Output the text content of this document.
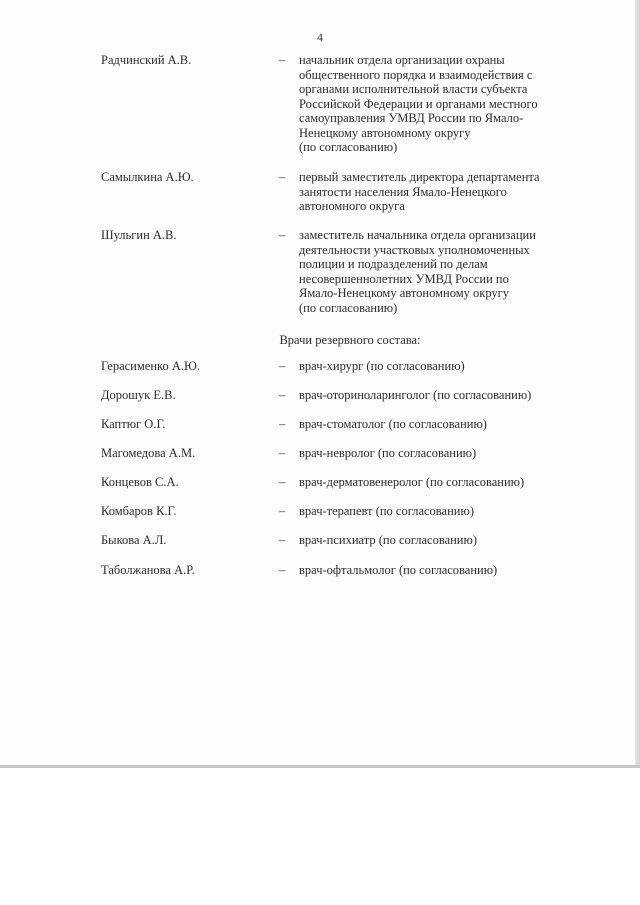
4
Радчинский А.В.	– начальник отдела организации охраны
общественного порядка и взаимодействия с
органами исполнительной власти субъекта
Российской Федерации и органами местного
самоуправления УМВД России по Ямало-
Ненецкому автономному округу
(по согласованию)
Самылкина А.Ю.	– первый заместитель директора департамента
занятости населения Ямало-Ненецкого
автономного округа
Шульгин А.В.	– заместитель начальника отдела организации
деятельности участковых уполномоченных
полиции и подразделений по делам
несовершеннолетних УМВД России по
Ямало-Ненецкому автономному округу
(по согласованию)
Врачи резервного состава:
Герасименко А.Ю.	– врач-хирург (по согласованию)
Дорошук Е.В.	– врач-оториноларинголог (по согласованию)
Каптюг О.Г.	– врач-стоматолог (по согласованию)
Магомедова А.М.	– врач-невролог (по согласованию)
Концевов С.А.	– врач-дерматовенеролог (по согласованию)
Комбаров К.Г.	– врач-терапевт (по согласованию)
Быкова А.Л.	– врач-психиатр (по согласованию)
Таболжанова А.Р.	– врач-офтальмолог (по согласованию)
